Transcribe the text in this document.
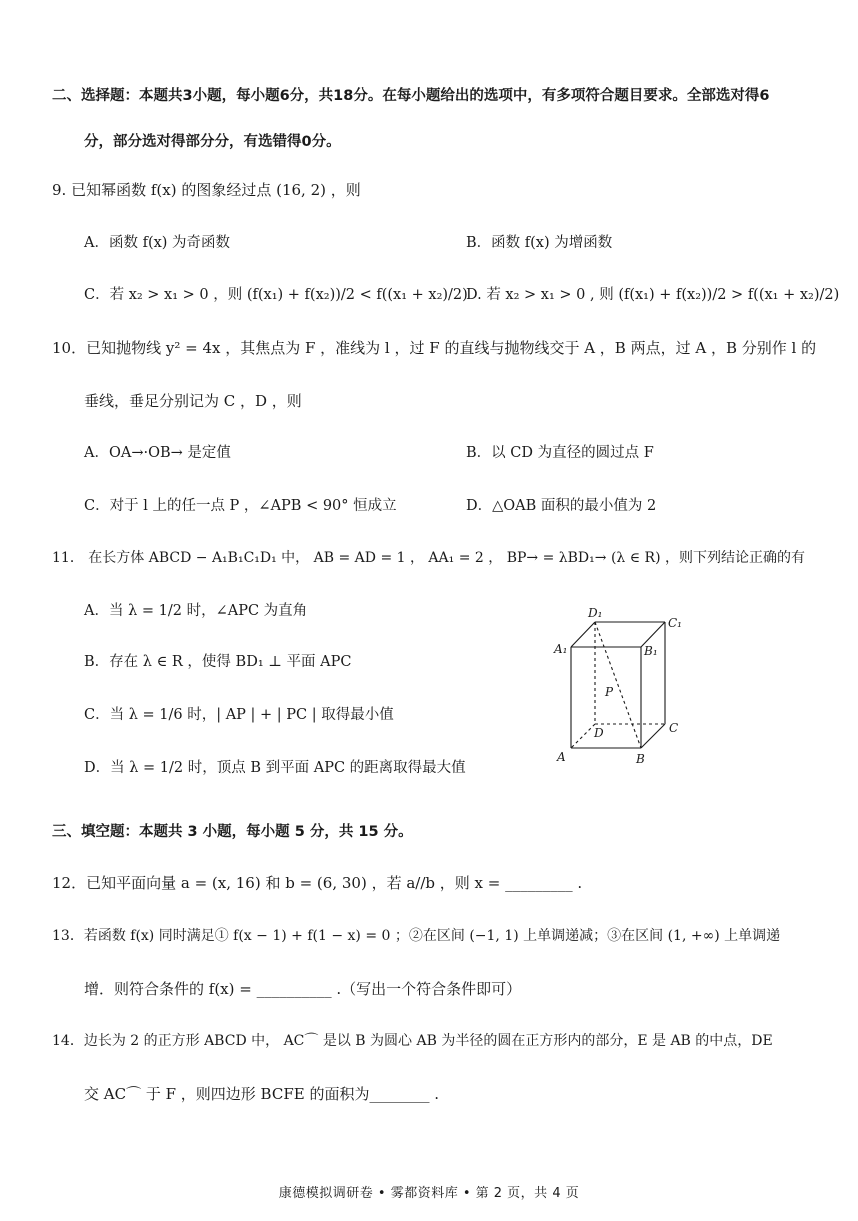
二、选择题：本题共3小题，每小题6分，共18分。在每小题给出的选项中，有多项符合题目要求。全部选对得6
分，部分选对得部分分，有选错得0分。
9. 已知幂函数 f(x) 的图象经过点 (16, 2) ，则
A．函数 f(x) 为奇函数	B．函数 f(x) 为增函数
C．若 x₂ > x₁ > 0 ，则 (f(x₁) + f(x₂))/2 < f((x₁ + x₂)/2)
D. 若 x₂ > x₁ > 0 , 则 (f(x₁) + f(x₂))/2 > f((x₁ + x₂)/2)
10．已知抛物线 y² = 4x ，其焦点为 F ，准线为 l ，过 F 的直线与抛物线交于 A ，B 两点，过 A ，B 分别作 l 的
垂线，垂足分别记为 C ，D ，则
A．OA→·OB→ 是定值	B．以 CD 为直径的圆过点 F
C．对于 l 上的任一点 P ，∠APB < 90° 恒成立	D．△OAB 面积的最小值为 2
11． 在长方体 ABCD − A₁B₁C₁D₁ 中， AB = AD = 1 ， AA₁ = 2 ， BP→ = λBD₁→ (λ ∈ R) ，则下列结论正确的有
A．当 λ = 1/2 时，∠APC 为直角
B．存在 λ ∈ R ，使得 BD₁ ⊥ 平面 APC
C．当 λ = 1/6 时，| AP | + | PC | 取得最小值
D．当 λ = 1/2 时，顶点 B 到平面 APC 的距离取得最大值
D₁
C₁
A₁	B₁
P
D	C
A	B
三、填空题：本题共 3 小题，每小题 5 分，共 15 分。
12．已知平面向量 a = (x, 16) 和 b = (6, 30) ，若 a//b ，则 x = _________ .
13．若函数 f(x) 同时满足① f(x − 1) + f(1 − x) = 0 ；②在区间 (−1, 1) 上单调递减；③在区间 (1, +∞) 上单调递
增．则符合条件的 f(x) = __________ .（写出一个符合条件即可）
14．边长为 2 的正方形 ABCD 中， AC⌒ 是以 B 为圆心 AB 为半径的圆在正方形内的部分，E 是 AB 的中点，DE
交 AC⌒ 于 F ，则四边形 BCFE 的面积为________ .
康德模拟调研卷 • 雾都资料库 • 第 2 页，共 4 页
